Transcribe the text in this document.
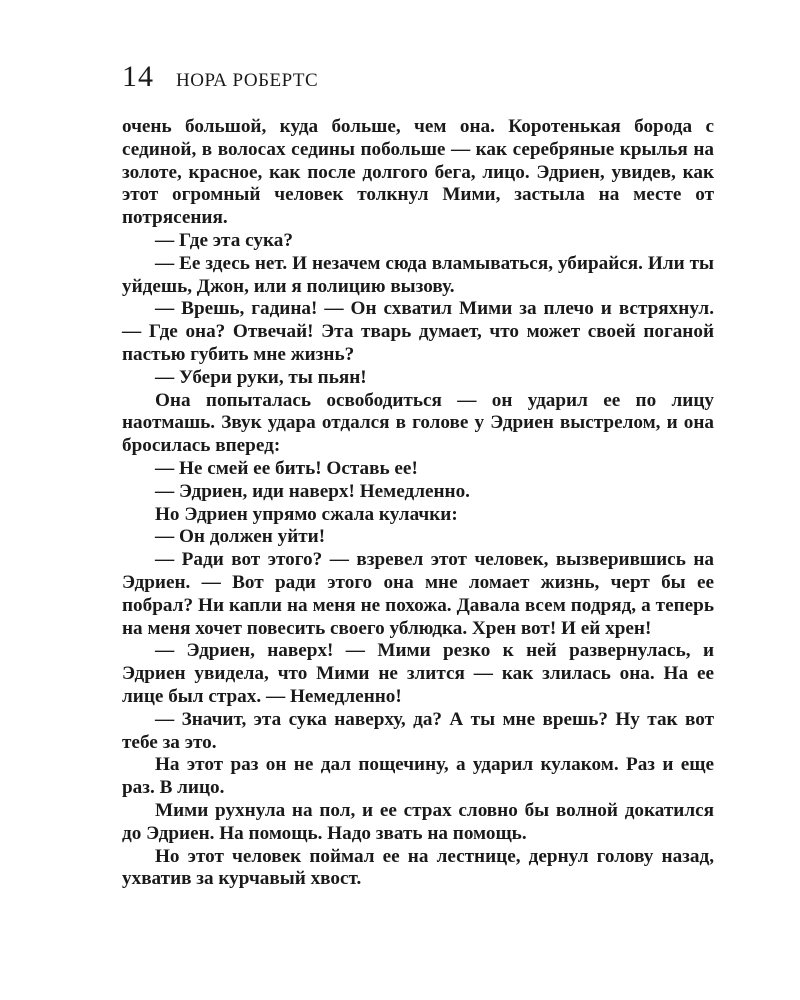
14 НОРА РОБЕРТС

очень большой, куда больше, чем она. Коротенькая борода с сединой, в волосах седины побольше — как серебряные крылья на золоте, красное, как после долгого бега, лицо. Эдриен, увидев, как этот огромный человек толкнул Мими, застыла на месте от потрясения.

— Где эта сука?

— Ее здесь нет. И незачем сюда вламываться, убирайся. Или ты уйдешь, Джон, или я полицию вызову.

— Врешь, гадина! — Он схватил Мими за плечо и встряхнул. — Где она? Отвечай! Эта тварь думает, что может своей поганой пастью губить мне жизнь?

— Убери руки, ты пьян!

Она попыталась освободиться — он ударил ее по лицу наотмашь. Звук удара отдался в голове у Эдриен выстрелом, и она бросилась вперед:

— Не смей ее бить! Оставь ее!

— Эдриен, иди наверх! Немедленно.

Но Эдриен упрямо сжала кулачки:

— Он должен уйти!

— Ради вот этого? — взревел этот человек, вызверившись на Эдриен. — Вот ради этого она мне ломает жизнь, черт бы ее побрал? Ни капли на меня не похожа. Давала всем подряд, а теперь на меня хочет повесить своего ублюдка. Хрен вот! И ей хрен!

— Эдриен, наверх! — Мими резко к ней развернулась, и Эдриен увидела, что Мими не злится — как злилась она. На ее лице был страх. — Немедленно!

— Значит, эта сука наверху, да? А ты мне врешь? Ну так вот тебе за это.

На этот раз он не дал пощечину, а ударил кулаком. Раз и еще раз. В лицо.

Мими рухнула на пол, и ее страх словно бы волной докатился до Эдриен. На помощь. Надо звать на помощь.

Но этот человек поймал ее на лестнице, дернул голову назад, ухватив за курчавый хвост.
